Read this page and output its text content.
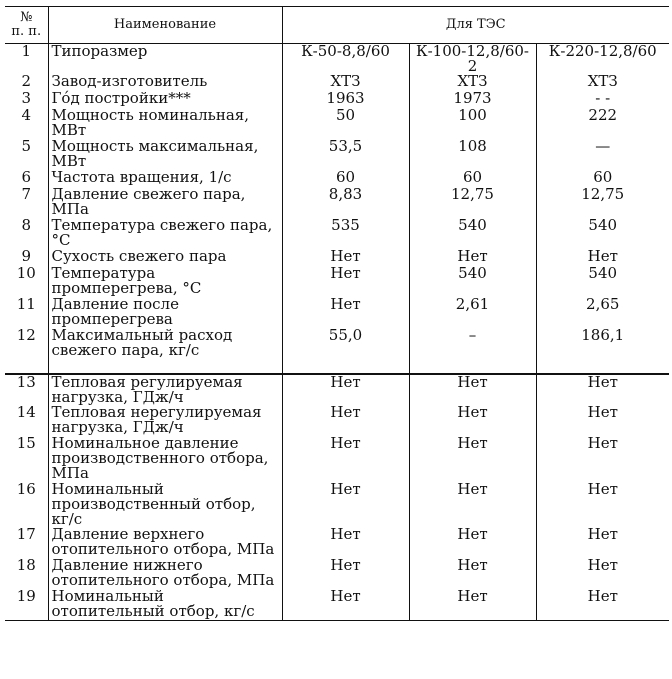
№
п. п.	Наименование	Для ТЭС		
1	Типоразмер	К-50-8,8/60	К-100-12,8/60-2	К-220-12,8/60
2	Завод-изготовитель	ХТЗ	ХТЗ	ХТЗ
3	Гóд постройки***	1963	1973	- -
4	Мощность номинальная, МВт	50	100	222
5	Мощность максимальная, МВт	53,5	108	—
6	Частота вращения, 1/с	60	60	60
7	Давление свежего пара, МПа	8,83	12,75	12,75
8	Температура свежего пара, °С	535	540	540
9	Сухость свежего пара	Нет	Нет	Нет
10	Температура промперегрева, °С	Нет	540	540
11	Давление после промперегрева	Нет	2,61	2,65
12	Максимальный расход свежего пара, кг/с	55,0	–	186,1
13	Тепловая регулируемая нагрузка, ГДж/ч	Нет	Нет	Нет
14	Тепловая нерегулируемая нагрузка, ГДж/ч	Нет	Нет	Нет
15	Номинальное давление производственного отбора, МПа	Нет	Нет	Нет
16	Номинальный производственный отбор, кг/с	Нет	Нет	Нет
17	Давление верхнего отопительного отбора, МПа	Нет	Нет	Нет
18	Давление нижнего отопительного отбора, МПа	Нет	Нет	Нет
19	Номинальный отопительный отбор, кг/с	Нет	Нет	Нет
